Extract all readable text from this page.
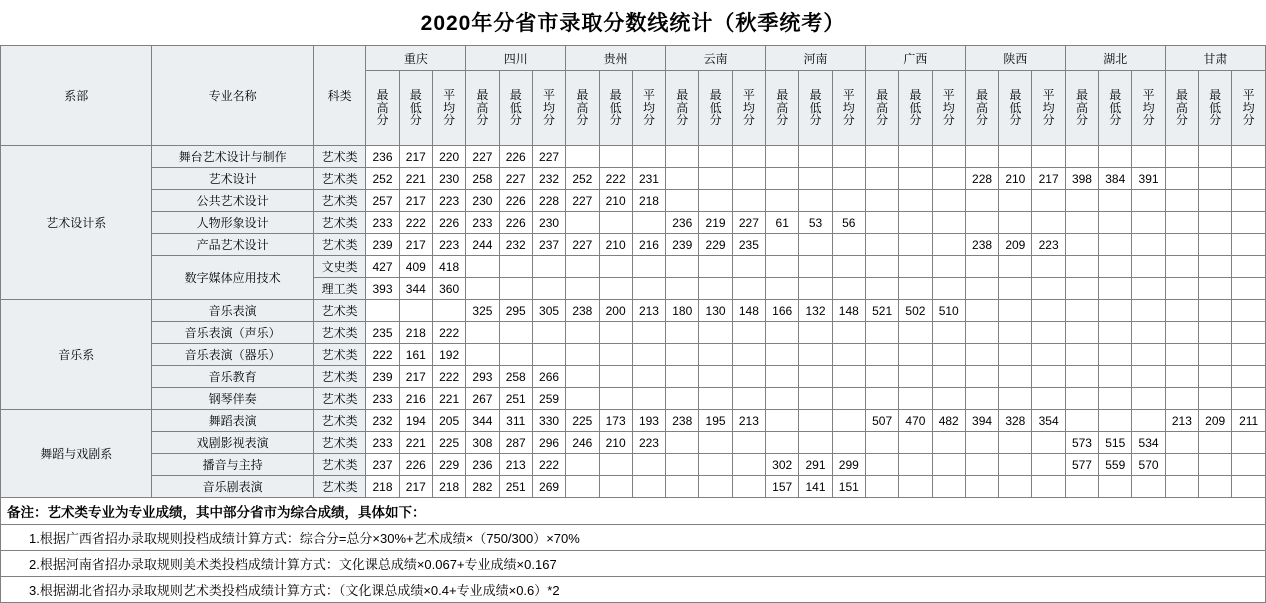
2020年分省市录取分数线统计（秋季统考）
系部	专业名称	科类	重庆			四川			贵州			云南			河南			广西			陕西			湖北			甘肃		

			最
高
分	最
低
分	平
均
分	最
高
分	最
低
分	平
均
分	最
高
分	最
低
分	平
均
分	最
高
分	最
低
分	平
均
分	最
高
分	最
低
分	平
均
分	最
高
分	最
低
分	平
均
分	最
高
分	最
低
分	平
均
分	最
高
分	最
低
分	平
均
分	最
高
分	最
低
分	平
均
分

艺术设计系	舞台艺术设计与制作	艺术类	236	217	220	227	226	227																					
	艺术设计	艺术类	252	221	230	258	227	232	252	222	231										228	210	217	398	384	391			
	公共艺术设计	艺术类	257	217	223	230	226	228	227	210	218																		
	人物形象设计	艺术类	233	222	226	233	226	230				236	219	227	61	53	56												
	产品艺术设计	艺术类	239	217	223	244	232	237	227	210	216	239	229	235							238	209	223						
	数字媒体应用技术	文史类	427	409	418																								
		理工类	393	344	360																								
音乐系	音乐表演	艺术类				325	295	305	238	200	213	180	130	148	166	132	148	521	502	510									
	音乐表演（声乐）	艺术类	235	218	222																								
	音乐表演（器乐）	艺术类	222	161	192																								
	音乐教育	艺术类	239	217	222	293	258	266																					
	钢琴伴奏	艺术类	233	216	221	267	251	259																					
舞蹈与戏剧系	舞蹈表演	艺术类	232	194	205	344	311	330	225	173	193	238	195	213				507	470	482	394	328	354				213	209	211
	戏剧影视表演	艺术类	233	221	225	308	287	296	246	210	223													573	515	534			
	播音与主持	艺术类	237	226	229	236	213	222							302	291	299							577	559	570			
	音乐剧表演	艺术类	218	217	218	282	251	269							157	141	151												
备注：艺术类专业为专业成绩，其中部分省市为综合成绩，具体如下：
1.根据广西省招办录取规则投档成绩计算方式：综合分=总分×30%+艺术成绩×（750/300）×70%
2.根据河南省招办录取规则美术类投档成绩计算方式：文化课总成绩×0.067+专业成绩×0.167
3.根据湖北省招办录取规则艺术类投档成绩计算方式：（文化课总成绩×0.4+专业成绩×0.6）*2
